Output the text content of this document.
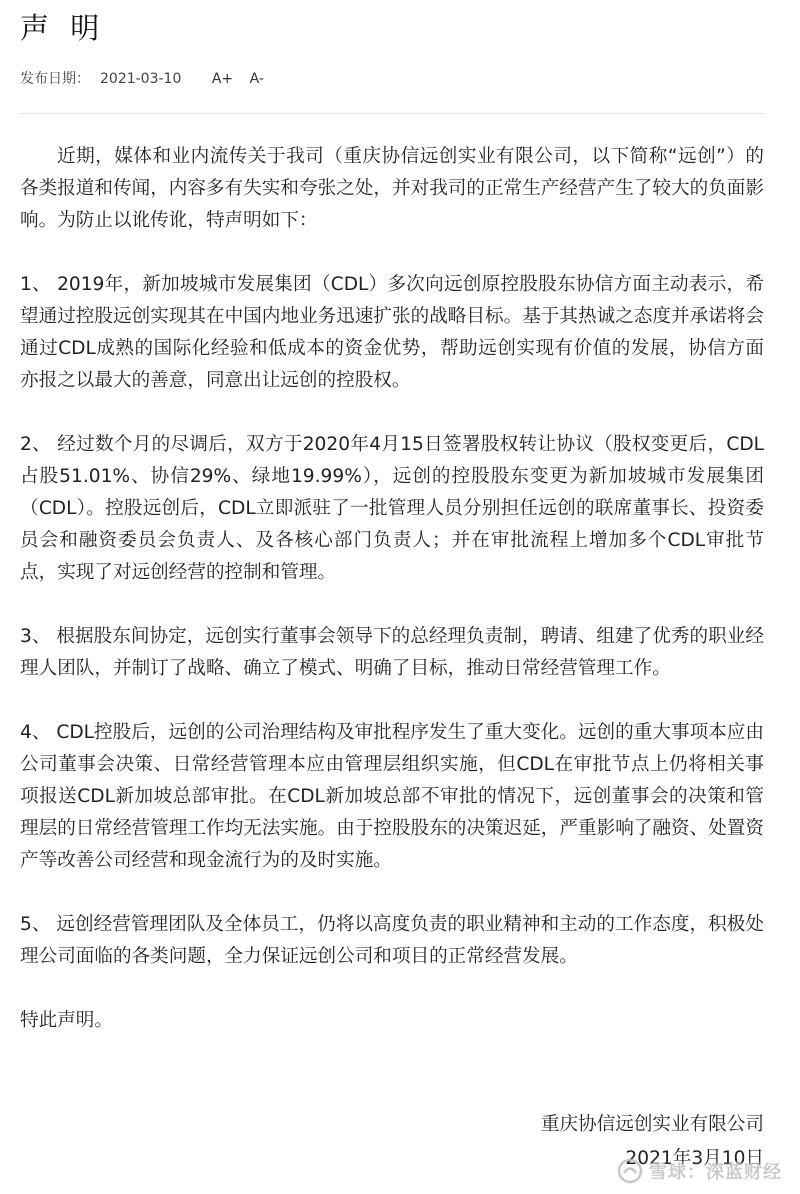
声 明
发布日期： 2021-03-10 A+ A-

近期，媒体和业内流传关于我司（重庆协信远创实业有限公司，以下简称“远创”）的各类报道和传闻，内容多有失实和夸张之处，并对我司的正常生产经营产生了较大的负面影响。为防止以讹传讹，特声明如下：

1、 2019年，新加坡城市发展集团（CDL）多次向远创原控股股东协信方面主动表示，希望通过控股远创实现其在中国内地业务迅速扩张的战略目标。基于其热诚之态度并承诺将会通过CDL成熟的国际化经验和低成本的资金优势，帮助远创实现有价值的发展，协信方面亦报之以最大的善意，同意出让远创的控股权。

2、 经过数个月的尽调后，双方于2020年4月15日签署股权转让协议（股权变更后，CDL占股51.01%、协信29%、绿地19.99%），远创的控股股东变更为新加坡城市发展集团（CDL）。控股远创后，CDL立即派驻了一批管理人员分别担任远创的联席董事长、投资委员会和融资委员会负责人、及各核心部门负责人；并在审批流程上增加多个CDL审批节点，实现了对远创经营的控制和管理。

3、 根据股东间协定，远创实行董事会领导下的总经理负责制，聘请、组建了优秀的职业经理人团队，并制订了战略、确立了模式、明确了目标，推动日常经营管理工作。

4、 CDL控股后，远创的公司治理结构及审批程序发生了重大变化。远创的重大事项本应由公司董事会决策、日常经营管理本应由管理层组织实施，但CDL在审批节点上仍将相关事项报送CDL新加坡总部审批。在CDL新加坡总部不审批的情况下，远创董事会的决策和管理层的日常经营管理工作均无法实施。由于控股股东的决策迟延，严重影响了融资、处置资产等改善公司经营和现金流行为的及时实施。

5、 远创经营管理团队及全体员工，仍将以高度负责的职业精神和主动的工作态度，积极处理公司面临的各类问题，全力保证远创公司和项目的正常经营发展。

特此声明。

重庆协信远创实业有限公司
2021年3月10日
雪球：深蓝财经
